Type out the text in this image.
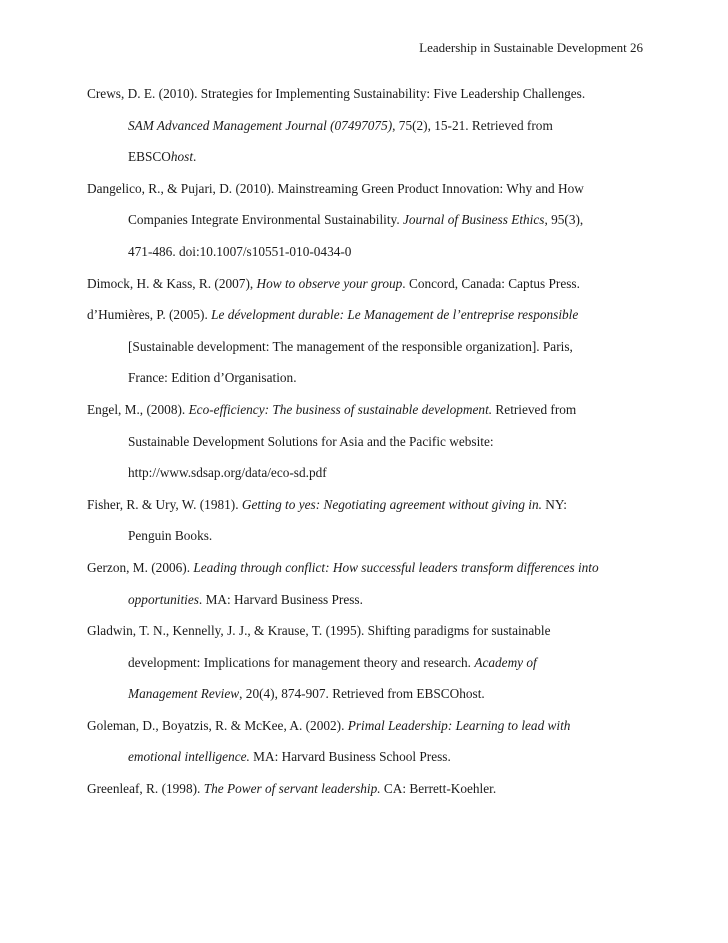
Leadership in Sustainable Development 26
Crews, D. E. (2010). Strategies for Implementing Sustainability: Five Leadership Challenges.
SAM Advanced Management Journal (07497075), 75(2), 15-21. Retrieved from
EBSCOhost.
Dangelico, R., & Pujari, D. (2010). Mainstreaming Green Product Innovation: Why and How
Companies Integrate Environmental Sustainability. Journal of Business Ethics, 95(3),
471-486. doi:10.1007/s10551-010-0434-0
Dimock, H. & Kass, R. (2007), How to observe your group. Concord, Canada: Captus Press.
d’Humières, P. (2005). Le dévelopment durable: Le Management de l’entreprise responsible
[Sustainable development: The management of the responsible organization]. Paris,
France: Edition d’Organisation.
Engel, M., (2008). Eco-efficiency: The business of sustainable development. Retrieved from
Sustainable Development Solutions for Asia and the Pacific website:
http://www.sdsap.org/data/eco-sd.pdf
Fisher, R. & Ury, W. (1981). Getting to yes: Negotiating agreement without giving in. NY:
Penguin Books.
Gerzon, M. (2006). Leading through conflict: How successful leaders transform differences into
opportunities. MA: Harvard Business Press.
Gladwin, T. N., Kennelly, J. J., & Krause, T. (1995). Shifting paradigms for sustainable
development: Implications for management theory and research. Academy of
Management Review, 20(4), 874-907. Retrieved from EBSCOhost.
Goleman, D., Boyatzis, R. & McKee, A. (2002). Primal Leadership: Learning to lead with
emotional intelligence. MA: Harvard Business School Press.
Greenleaf, R. (1998). The Power of servant leadership. CA: Berrett-Koehler.
